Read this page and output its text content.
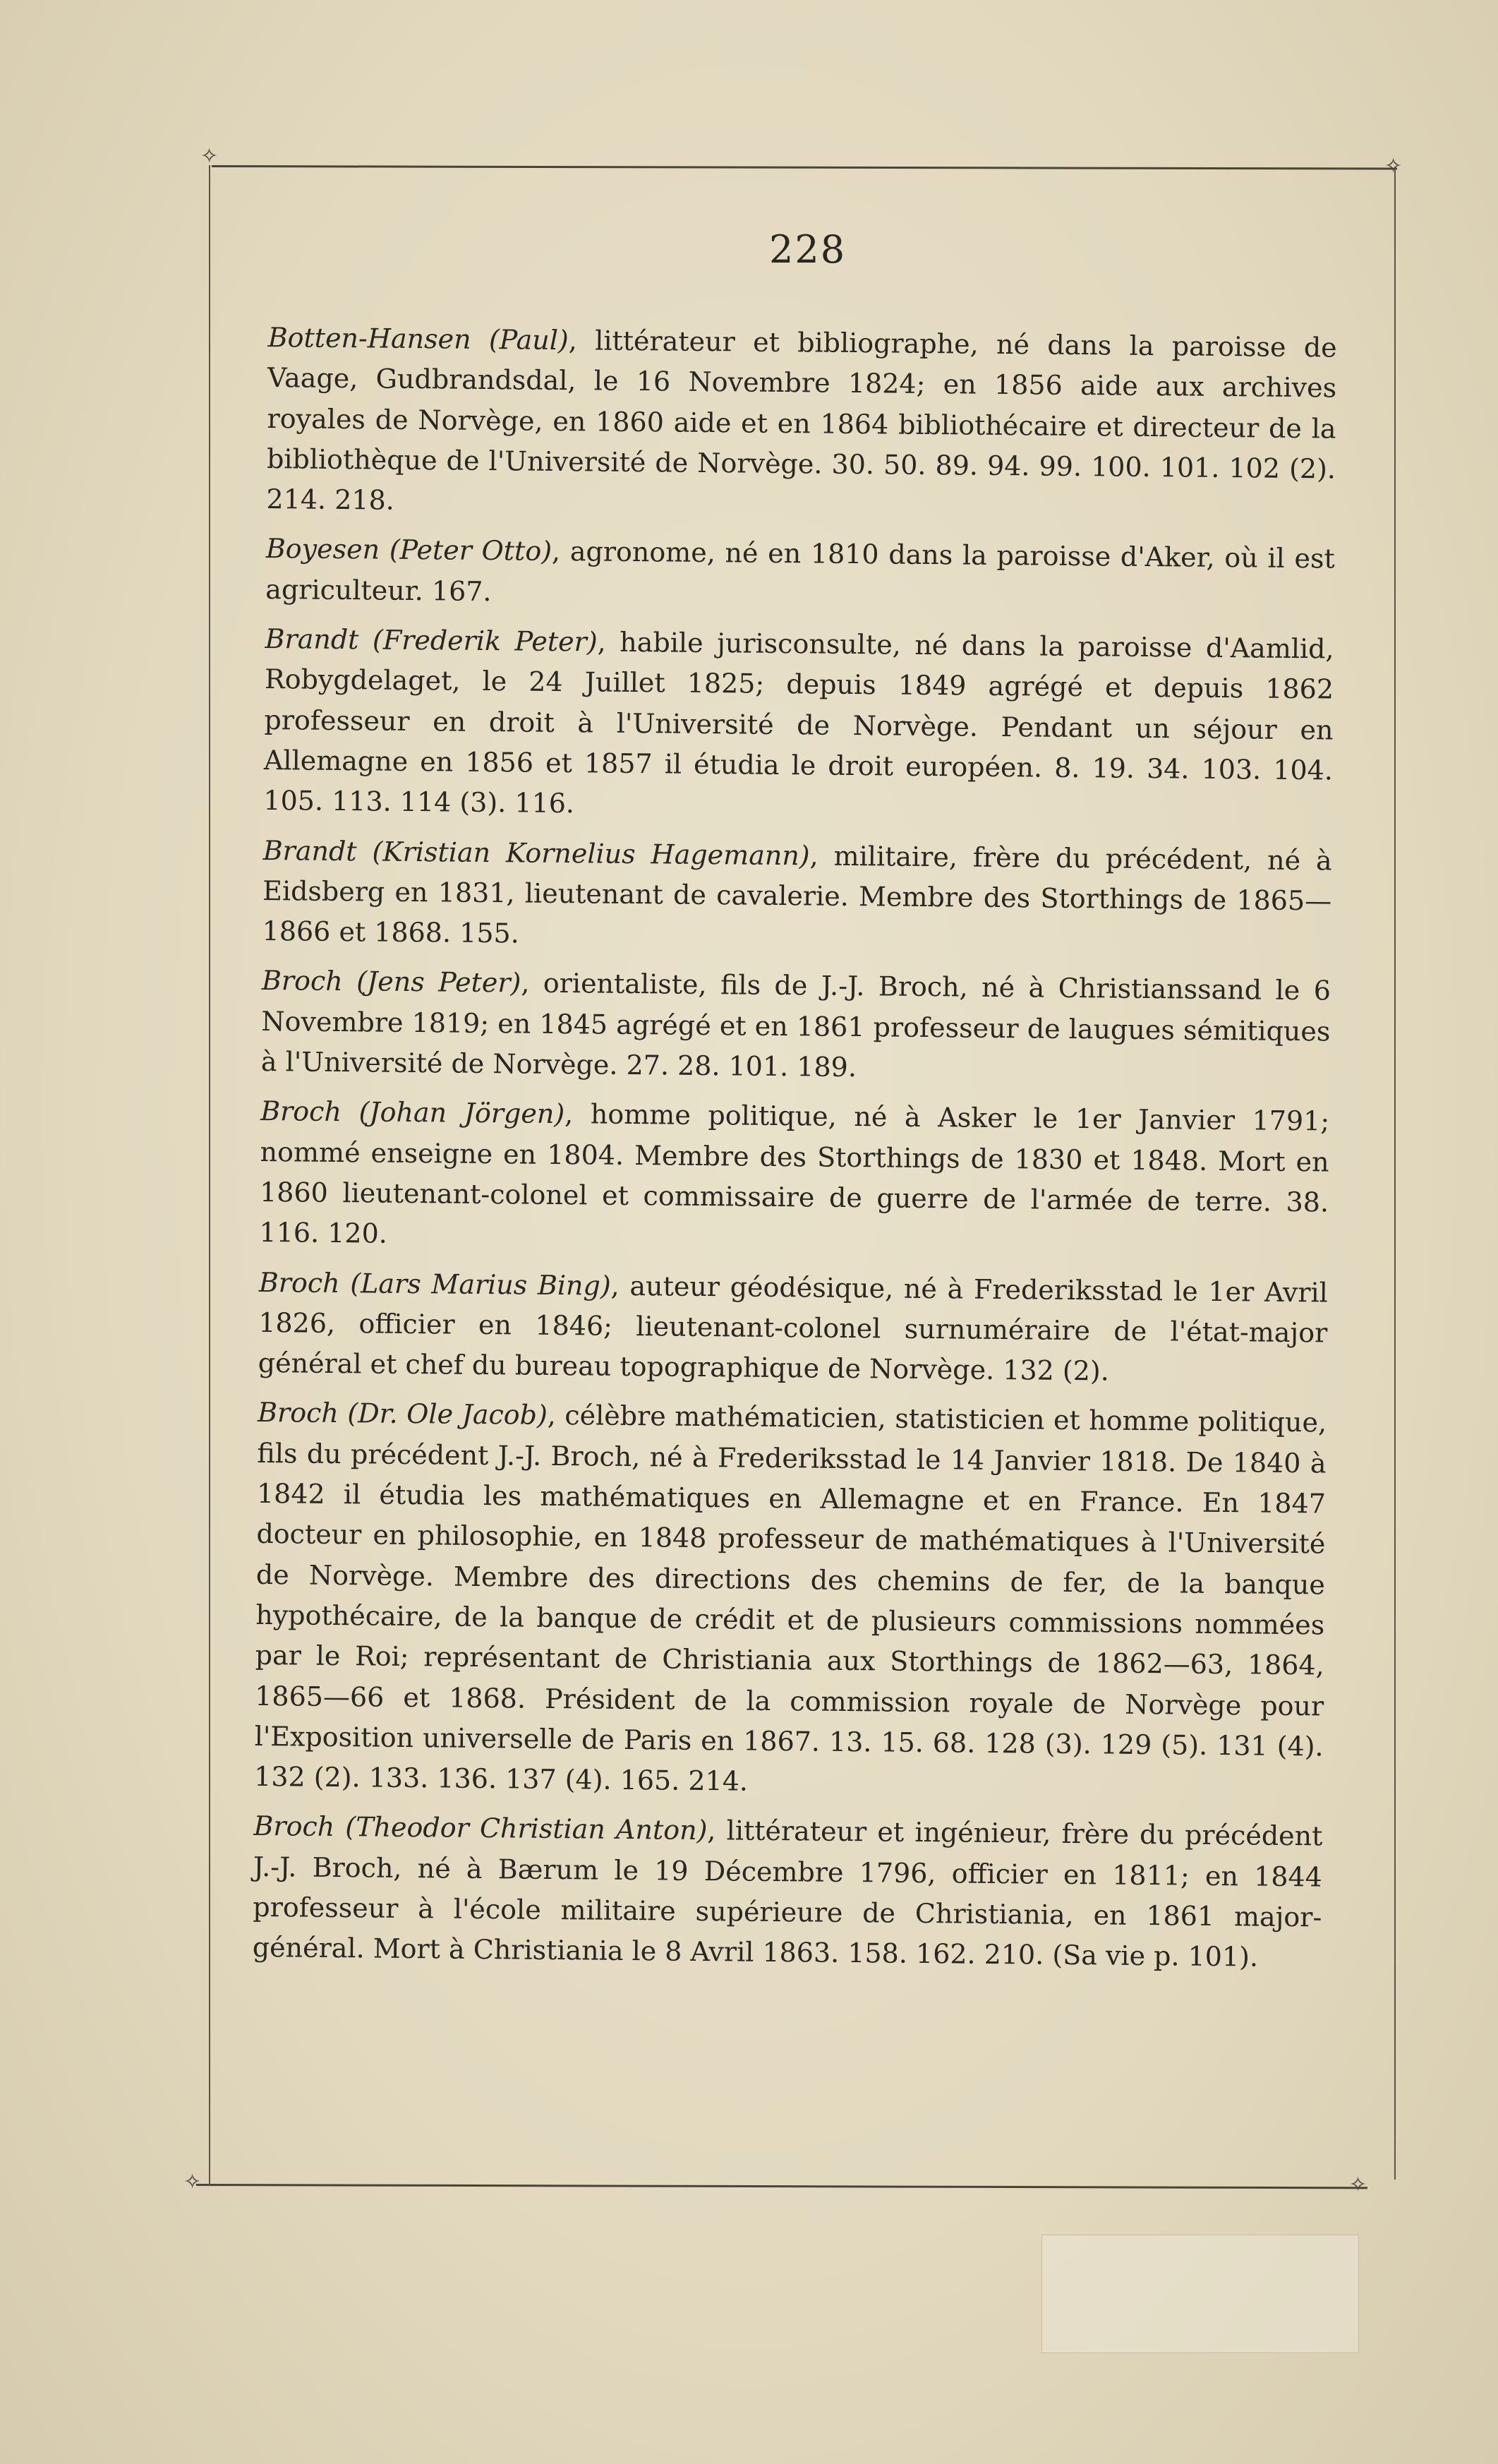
✧	✧
✧	✧
228

Botten-Hansen (Paul), littérateur et bibliographe, né dans la paroisse de Vaage, Gudbrandsdal, le 16 Novembre 1824; en 1856 aide aux archives royales de Norvège, en 1860 aide et en 1864 bibliothécaire et directeur de la bibliothèque de l'Université de Norvège. 30. 50. 89. 94. 99. 100. 101. 102 (2). 214. 218.

Boyesen (Peter Otto), agronome, né en 1810 dans la paroisse d'Aker, où il est agriculteur. 167.

Brandt (Frederik Peter), habile jurisconsulte, né dans la paroisse d'Aamlid, Robygdelaget, le 24 Juillet 1825; depuis 1849 agrégé et depuis 1862 professeur en droit à l'Université de Norvège. Pendant un séjour en Allemagne en 1856 et 1857 il étudia le droit européen. 8. 19. 34. 103. 104. 105. 113. 114 (3). 116.

Brandt (Kristian Kornelius Hagemann), militaire, frère du précédent, né à Eidsberg en 1831, lieutenant de cavalerie. Membre des Storthings de 1865—1866 et 1868. 155.

Broch (Jens Peter), orientaliste, fils de J.-J. Broch, né à Christianssand le 6 Novembre 1819; en 1845 agrégé et en 1861 professeur de laugues sémitiques à l'Université de Norvège. 27. 28. 101. 189.

Broch (Johan Jörgen), homme politique, né à Asker le 1er Janvier 1791; nommé enseigne en 1804. Membre des Storthings de 1830 et 1848. Mort en 1860 lieutenant-colonel et commissaire de guerre de l'armée de terre. 38. 116. 120.

Broch (Lars Marius Bing), auteur géodésique, né à Frederiksstad le 1er Avril 1826, officier en 1846; lieutenant-colonel surnuméraire de l'état-major général et chef du bureau topographique de Norvège. 132 (2).

Broch (Dr. Ole Jacob), célèbre mathématicien, statisticien et homme politique, fils du précédent J.-J. Broch, né à Frederiksstad le 14 Janvier 1818. De 1840 à 1842 il étudia les mathématiques en Allemagne et en France. En 1847 docteur en philosophie, en 1848 professeur de mathématiques à l'Université de Norvège. Membre des directions des chemins de fer, de la banque hypothécaire, de la banque de crédit et de plusieurs commissions nommées par le Roi; représentant de Christiania aux Storthings de 1862—63, 1864, 1865—66 et 1868. Président de la commission royale de Norvège pour l'Exposition universelle de Paris en 1867. 13. 15. 68. 128 (3). 129 (5). 131 (4). 132 (2). 133. 136. 137 (4). 165. 214.

Broch (Theodor Christian Anton), littérateur et ingénieur, frère du précédent J.-J. Broch, né à Bærum le 19 Décembre 1796, officier en 1811; en 1844 professeur à l'école militaire supérieure de Christiania, en 1861 major-général. Mort à Christiania le 8 Avril 1863. 158. 162. 210. (Sa vie p. 101).
